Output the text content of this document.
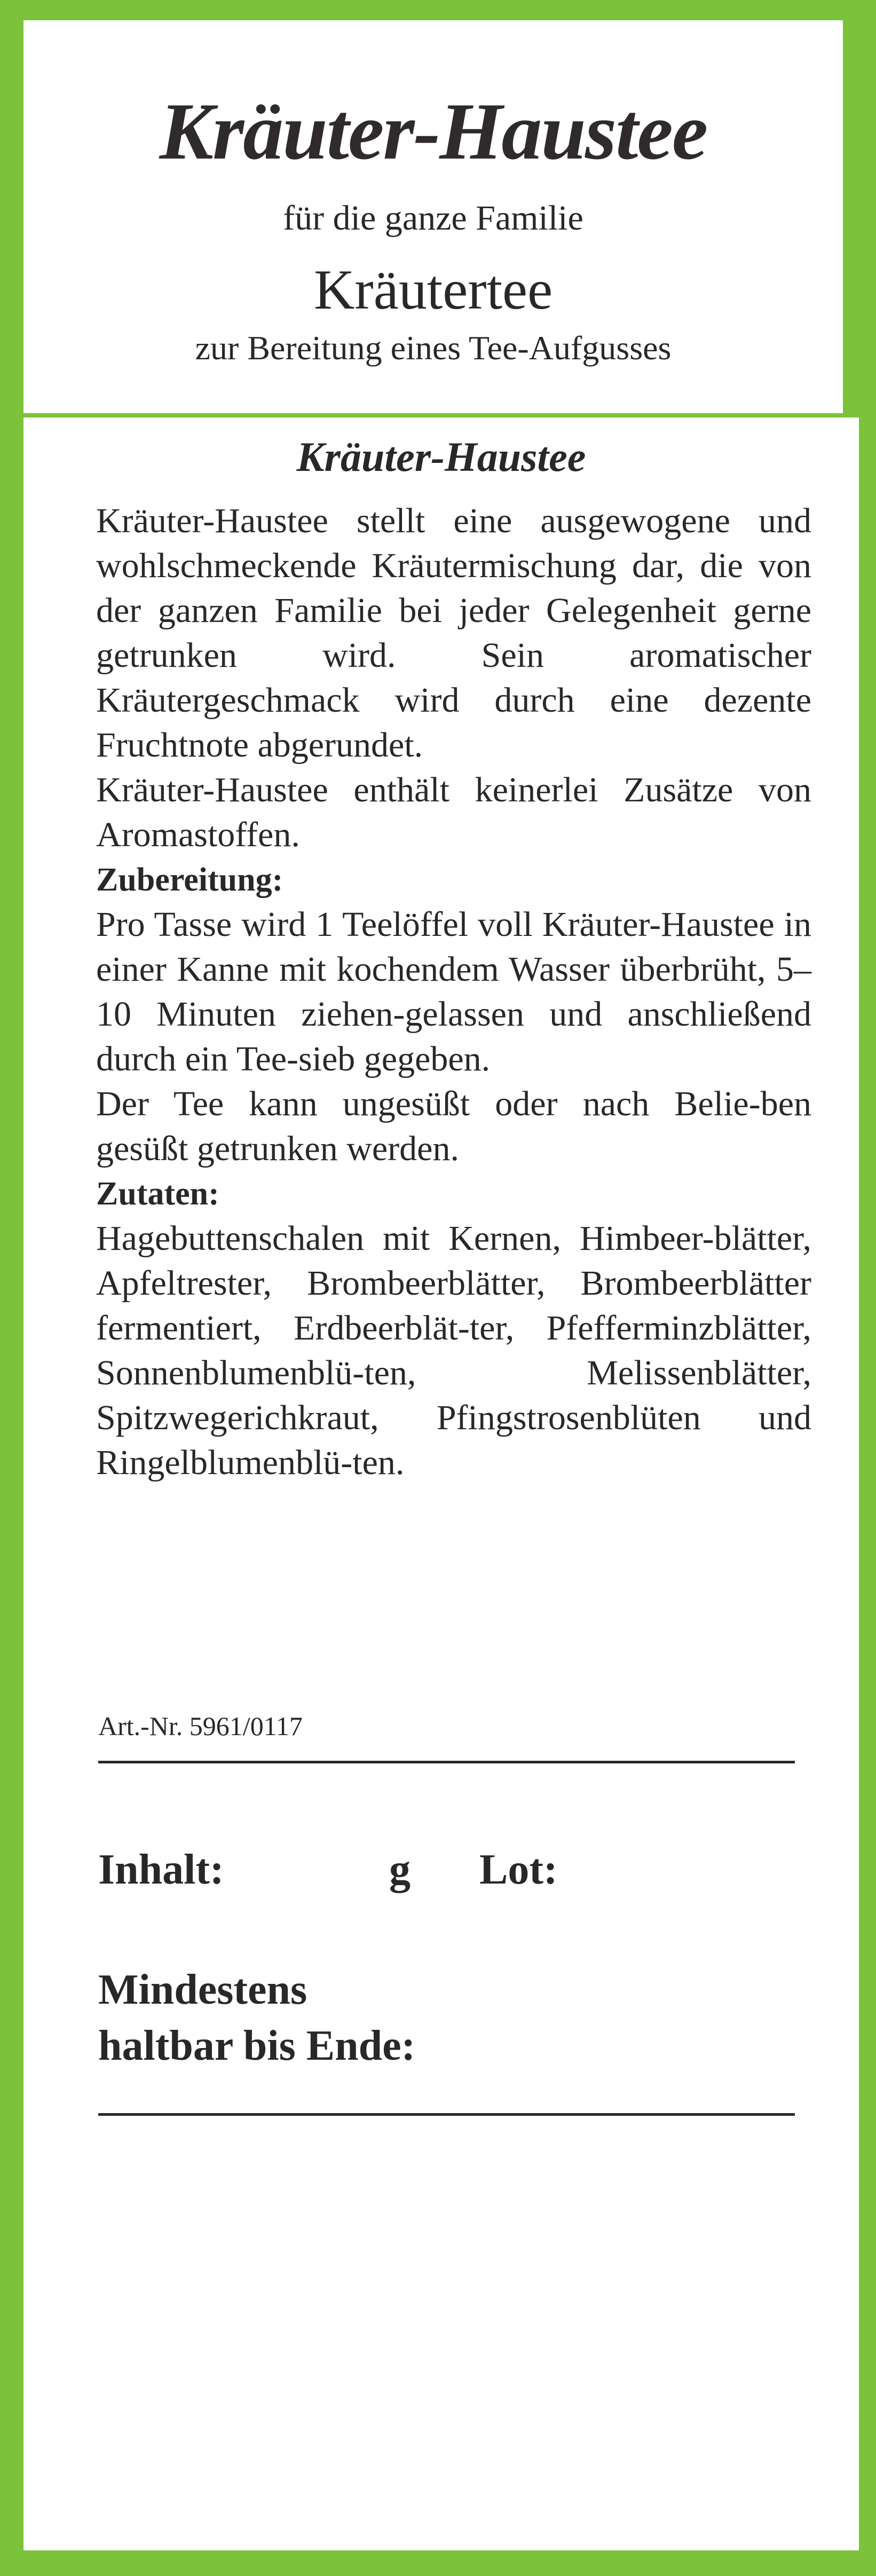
Kräuter-Haustee
für die ganze Familie
Kräutertee
zur Bereitung eines Tee-Aufgusses
Kräuter-Haustee

Kräuter-Haustee stellt eine ausgewogene und wohlschmeckende Kräutermischung dar, die von der ganzen Familie bei jeder Gelegenheit gerne getrunken wird. Sein aromatischer Kräutergeschmack wird durch eine dezente Fruchtnote abgerundet.

Kräuter-Haustee enthält keinerlei Zusätze von Aromastoffen.

Zubereitung:

Pro Tasse wird 1 Teelöffel voll Kräuter-Haustee in einer Kanne mit kochendem Wasser überbrüht, 5–10 Minuten ziehen-gelassen und anschließend durch ein Tee-sieb gegeben.

Der Tee kann ungesüßt oder nach Belie-ben gesüßt getrunken werden.

Zutaten:

Hagebuttenschalen mit Kernen, Himbeer-blätter, Apfeltrester, Brombeerblätter, Brombeerblätter fermentiert, Erdbeerblät-ter, Pfefferminzblätter, Sonnenblumenblü-ten, Melissenblätter, Spitzwegerichkraut, Pfingstrosenblüten und Ringelblumenblü-ten.

Art.-Nr. 5961/0117
Inhalt:	g Lot:
Mindestens
haltbar bis Ende:
